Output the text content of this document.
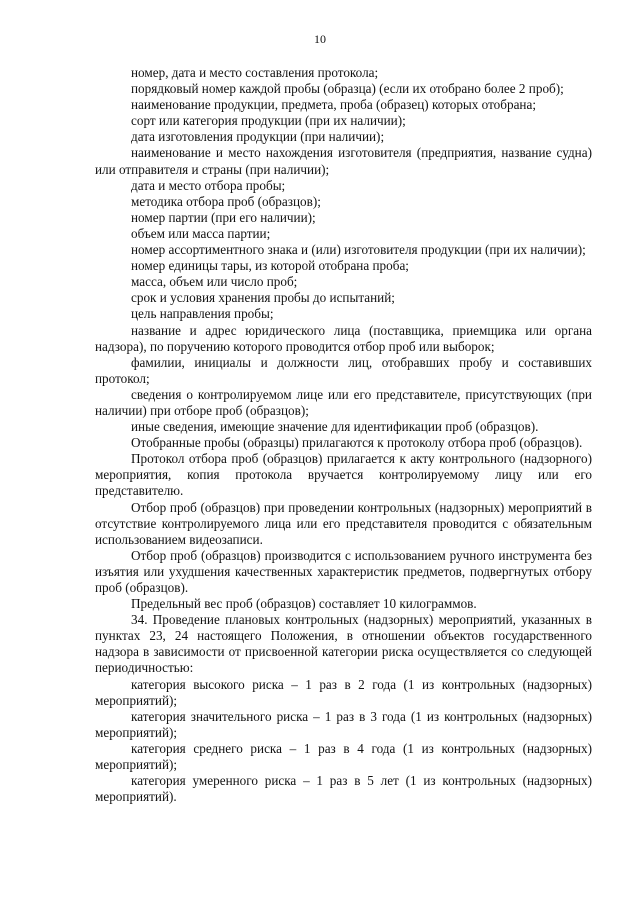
10

номер, дата и место составления протокола;

порядковый номер каждой пробы (образца) (если их отобрано более 2 проб);

наименование продукции, предмета, проба (образец) которых отобрана;

сорт или категория продукции (при их наличии);

дата изготовления продукции (при наличии);

наименование и место нахождения изготовителя (предприятия, название судна) или отправителя и страны (при наличии);

дата и место отбора пробы;

методика отбора проб (образцов);

номер партии (при его наличии);

объем или масса партии;

номер ассортиментного знака и (или) изготовителя продукции (при их наличии);

номер единицы тары, из которой отобрана проба;

масса, объем или число проб;

срок и условия хранения пробы до испытаний;

цель направления пробы;

название и адрес юридического лица (поставщика, приемщика или органа надзора), по поручению которого проводится отбор проб или выборок;

фамилии, инициалы и должности лиц, отобравших пробу и составивших протокол;

сведения о контролируемом лице или его представителе, присутствующих (при наличии) при отборе проб (образцов);

иные сведения, имеющие значение для идентификации проб (образцов).

Отобранные пробы (образцы) прилагаются к протоколу отбора проб (образцов).

Протокол отбора проб (образцов) прилагается к акту контрольного (надзорного) мероприятия, копия протокола вручается контролируемому лицу или его представителю.

Отбор проб (образцов) при проведении контрольных (надзорных) мероприятий в отсутствие контролируемого лица или его представителя проводится с обязательным использованием видеозаписи.

Отбор проб (образцов) производится с использованием ручного инструмента без изъятия или ухудшения качественных характеристик предметов, подвергнутых отбору проб (образцов).

Предельный вес проб (образцов) составляет 10 килограммов.

34. Проведение плановых контрольных (надзорных) мероприятий, указанных в пунктах 23, 24 настоящего Положения, в отношении объектов государственного надзора в зависимости от присвоенной категории риска осуществляется со следующей периодичностью:

категория высокого риска – 1 раз в 2 года (1 из контрольных (надзорных) мероприятий);

категория значительного риска – 1 раз в 3 года (1 из контрольных (надзорных) мероприятий);

категория среднего риска – 1 раз в 4 года (1 из контрольных (надзорных) мероприятий);

категория умеренного риска – 1 раз в 5 лет (1 из контрольных (надзорных) мероприятий).
